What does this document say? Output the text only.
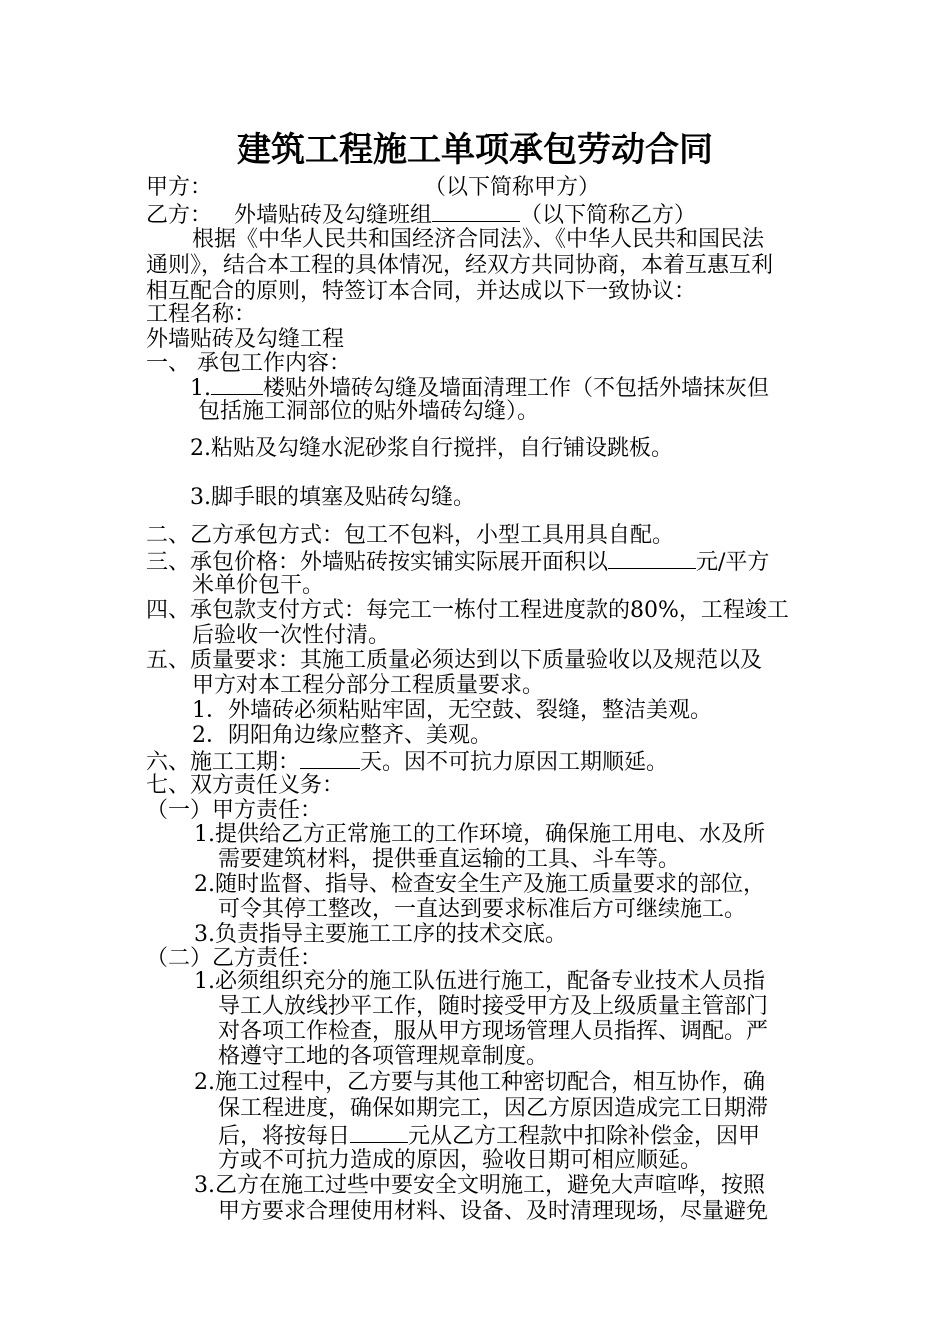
建筑工程施工单项承包劳动合同
甲方：	（以下简称甲方）
乙方： 外墙贴砖及勾缝班组	（以下简称乙方）
根据《中华人民共和国经济合同法》、《中华人民共和国民法
通则》，结合本工程的具体情况，经双方共同协商，本着互惠互利
相互配合的原则，特签订本合同，并达成以下一致协议：
工程名称：
外墙贴砖及勾缝工程
一、 承包工作内容：
1. 楼贴外墙砖勾缝及墙面清理工作（不包括外墙抹灰但
包括施工洞部位的贴外墙砖勾缝）。
2.粘贴及勾缝水泥砂浆自行搅拌，自行铺设跳板。
3.脚手眼的填塞及贴砖勾缝。
二、乙方承包方式：包工不包料，小型工具用具自配。
三、承包价格：外墙贴砖按实铺实际展开面积以	元/平方
米单价包干。
四、承包款支付方式：每完工一栋付工程进度款的80%，工程竣工
后验收一次性付清。
五、质量要求：其施工质量必须达到以下质量验收以及规范以及
甲方对本工程分部分工程质量要求。
1．外墙砖必须粘贴牢固，无空鼓、裂缝，整洁美观。
2．阴阳角边缘应整齐、美观。
六、施工工期：	天。因不可抗力原因工期顺延。
七、双方责任义务：
（一）甲方责任：
1.提供给乙方正常施工的工作环境，确保施工用电、水及所
需要建筑材料，提供垂直运输的工具、斗车等。
2.随时监督、指导、检查安全生产及施工质量要求的部位，
可令其停工整改，一直达到要求标准后方可继续施工。
3.负责指导主要施工工序的技术交底。
（二）乙方责任：
1.必须组织充分的施工队伍进行施工，配备专业技术人员指
导工人放线抄平工作，随时接受甲方及上级质量主管部门
对各项工作检查，服从甲方现场管理人员指挥、调配。严
格遵守工地的各项管理规章制度。
2.施工过程中，乙方要与其他工种密切配合，相互协作，确
保工程进度，确保如期完工，因乙方原因造成完工日期滞
后，将按每日	元从乙方工程款中扣除补偿金，因甲
方或不可抗力造成的原因，验收日期可相应顺延。
3.乙方在施工过些中要安全文明施工，避免大声喧哗，按照
甲方要求合理使用材料、设备、及时清理现场，尽量避免
